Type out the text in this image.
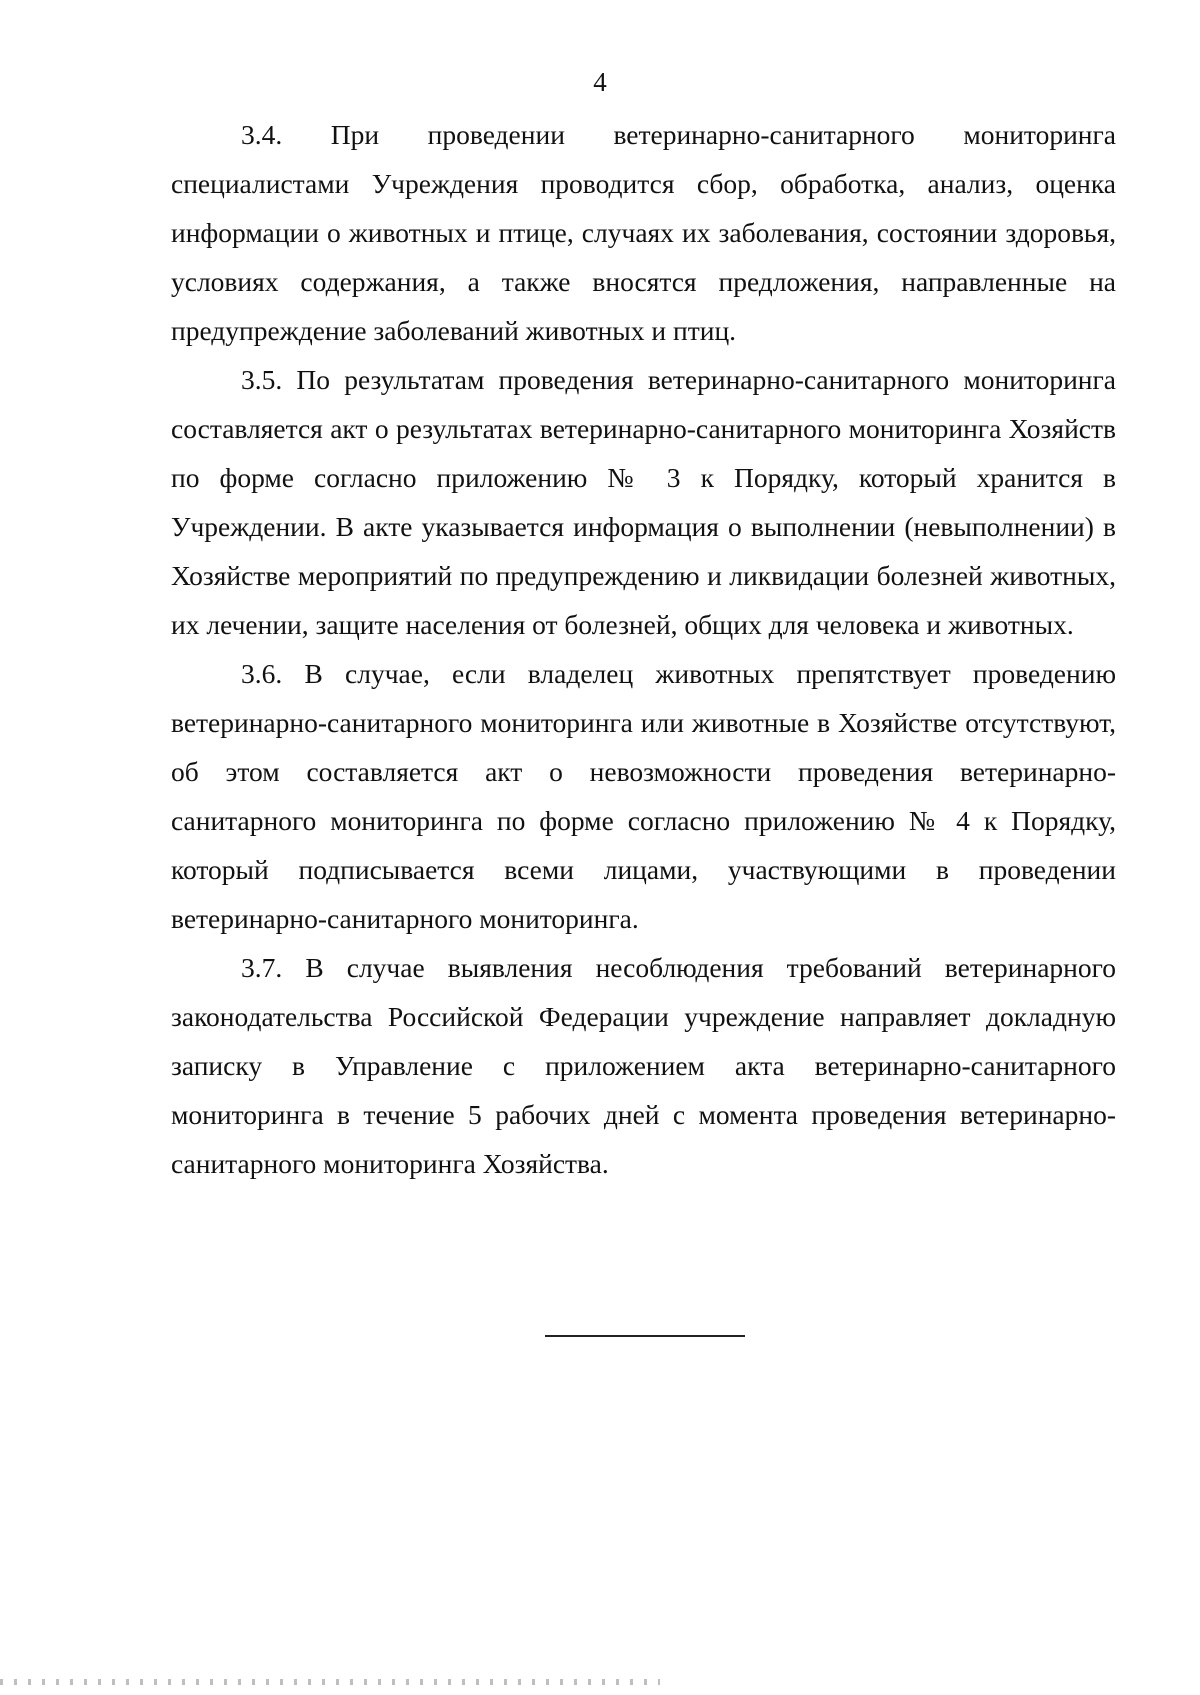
4

3.4. При проведении ветеринарно-санитарного мониторинга специалистами Учреждения проводится сбор, обработка, анализ, оценка информации о животных и птице, случаях их заболевания, состоянии здоровья, условиях содержания, а также вносятся предложения, направленные на предупреждение заболеваний животных и птиц.

3.5. По результатам проведения ветеринарно-санитарного мониторинга составляется акт о результатах ветеринарно-санитарного мониторинга Хозяйств по форме согласно приложению № 3 к Порядку, который хранится в Учреждении. В акте указывается информация о выполнении (невыполнении) в Хозяйстве мероприятий по предупреждению и ликвидации болезней животных, их лечении, защите населения от болезней, общих для человека и животных.

3.6. В случае, если владелец животных препятствует проведению ветеринарно-санитарного мониторинга или животные в Хозяйстве отсутствуют, об этом составляется акт о невозможности проведения ветеринарно-санитарного мониторинга по форме согласно приложению № 4 к Порядку, который подписывается всеми лицами, участвующими в проведении ветеринарно-санитарного мониторинга.

3.7. В случае выявления несоблюдения требований ветеринарного законодательства Российской Федерации учреждение направляет докладную записку в Управление с приложением акта ветеринарно-санитарного мониторинга в течение 5 рабочих дней с момента проведения ветеринарно-санитарного мониторинга Хозяйства.
